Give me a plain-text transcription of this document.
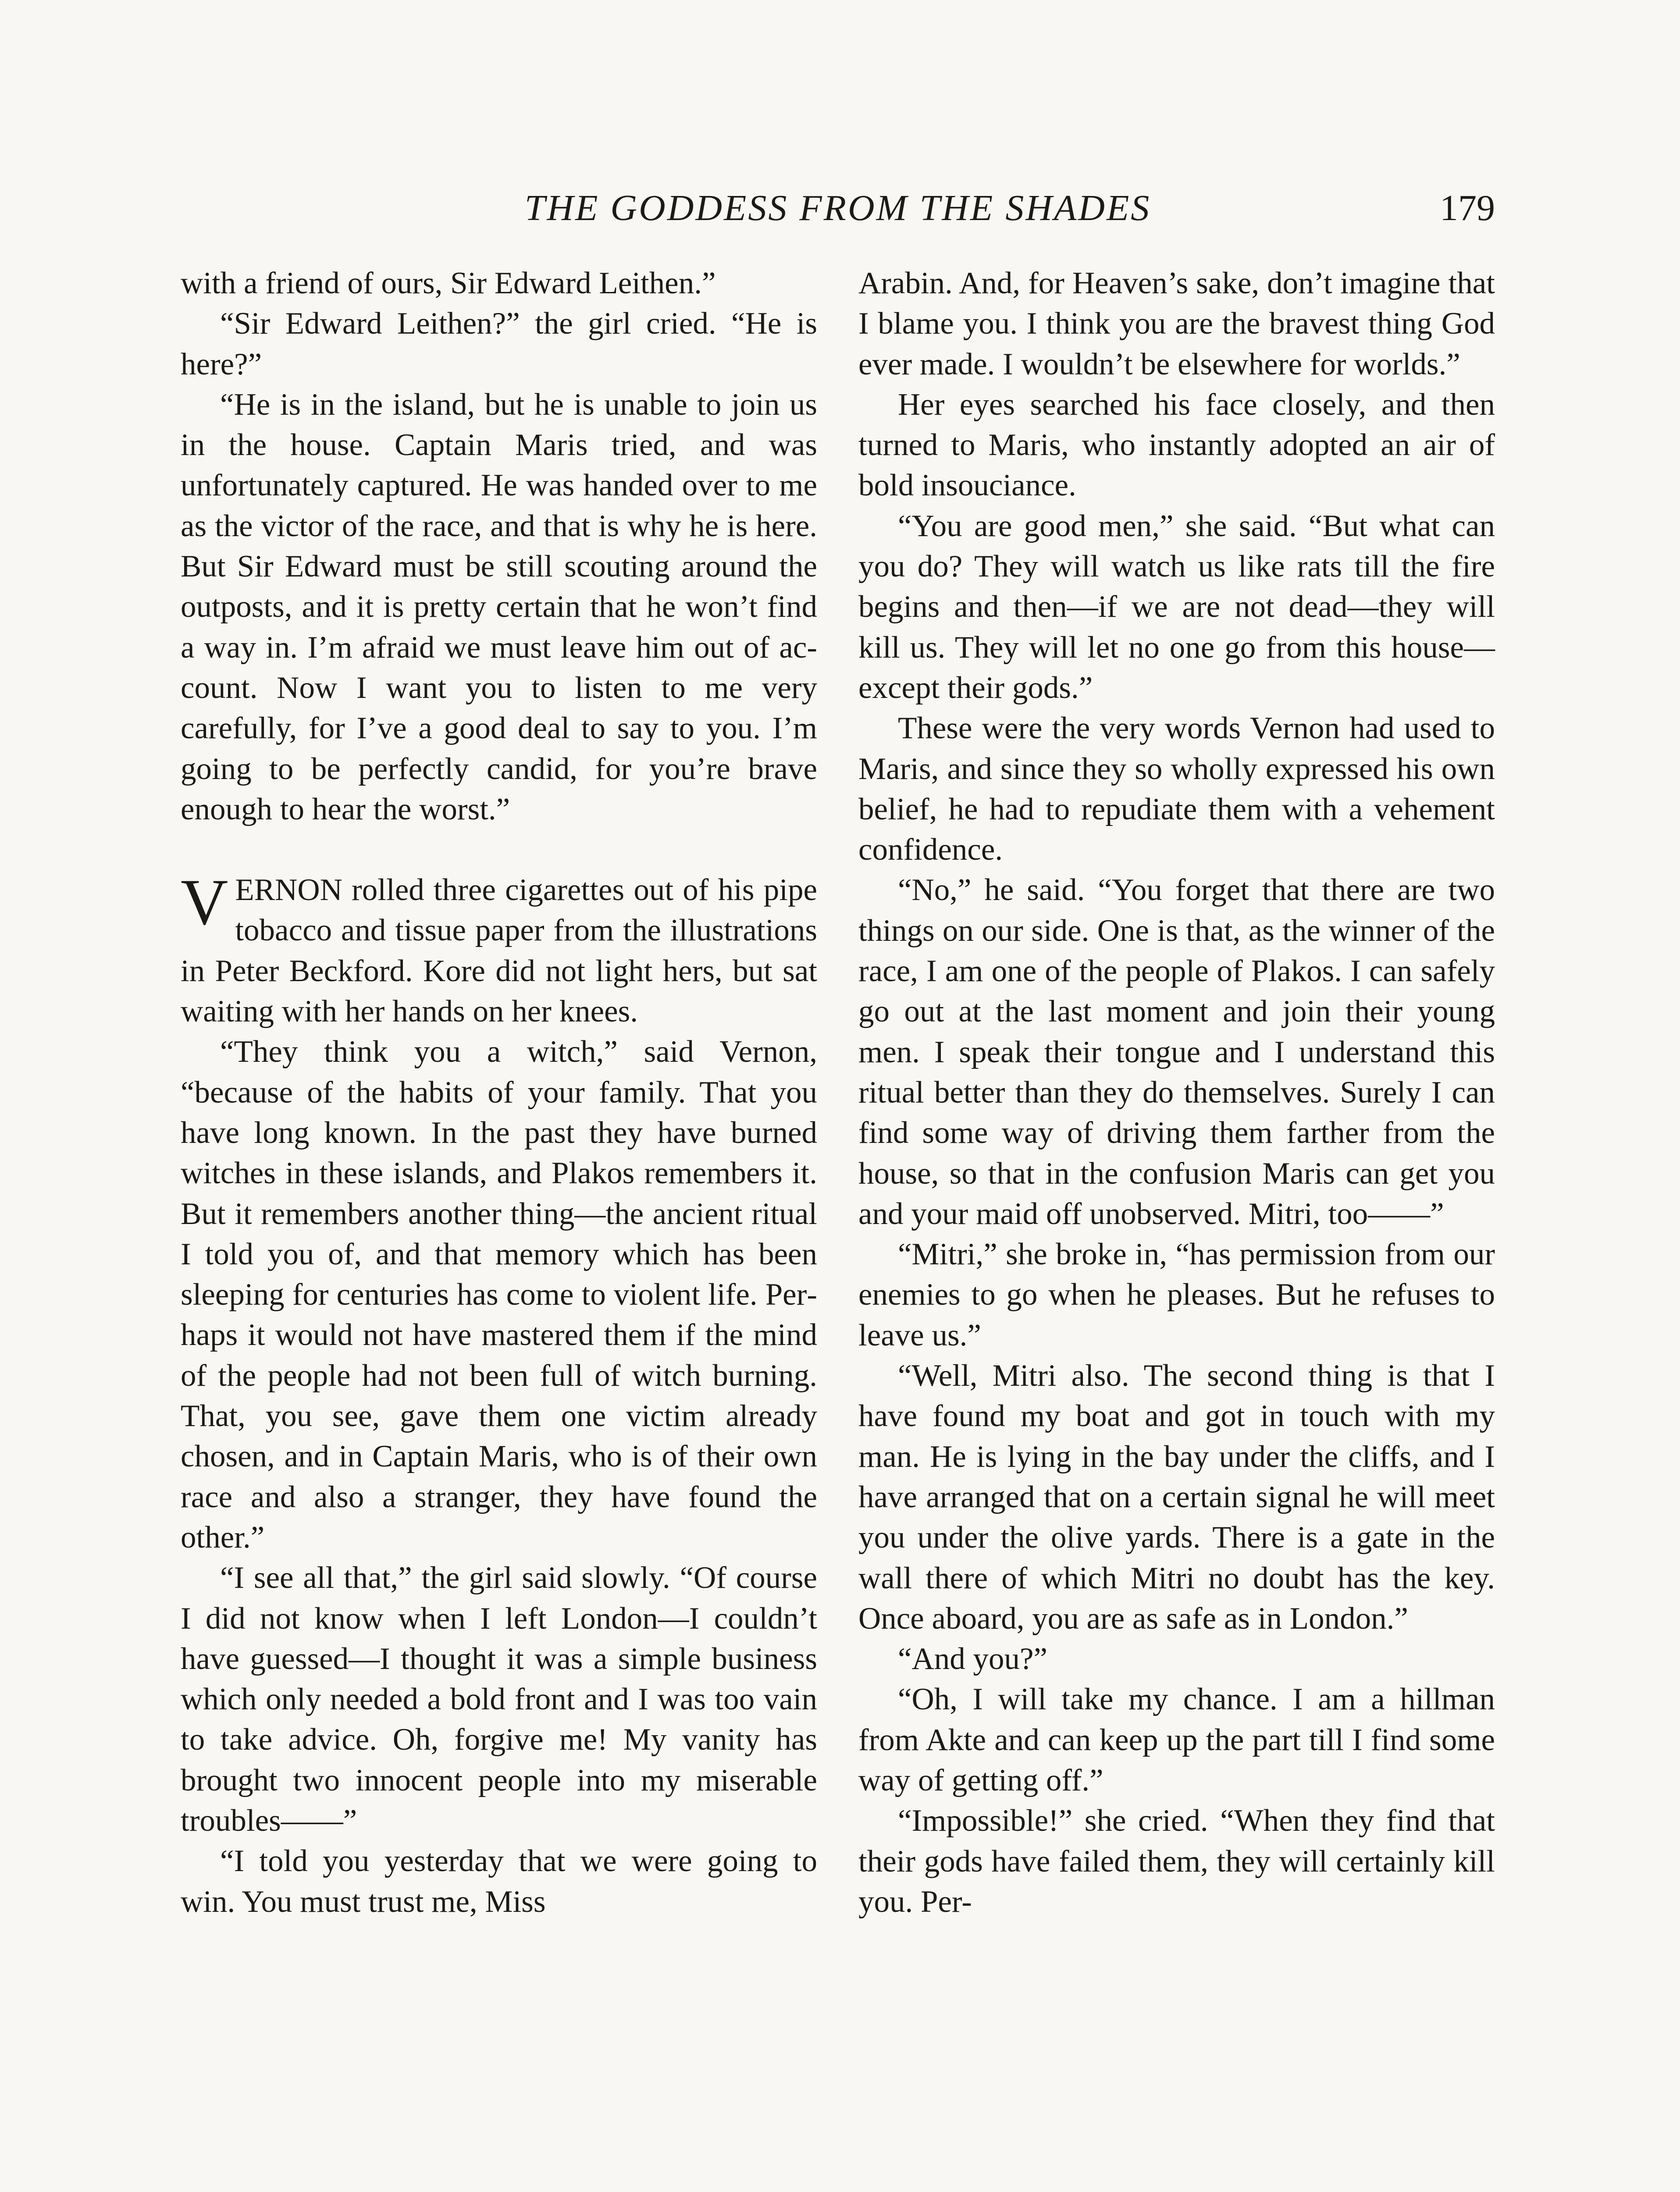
THE GODDESS FROM THE SHADES	179

with a friend of ours, Sir Edward Leithen.”

“Sir Edward Leithen?” the girl cried. “He is here?”

“He is in the island, but he is unable to join us in the house. Captain Maris tried, and was unfortunately captured. He was handed over to me as the victor of the race, and that is why he is here. But Sir Edward must be still scouting around the outposts, and it is pretty certain that he won’t find a way in. I’m afraid we must leave him out of account. Now I want you to listen to me very carefully, for I’ve a good deal to say to you. I’m going to be perfectly candid, for you’re brave enough to hear the worst.”

VERNON rolled three cigarettes out of his pipe tobacco and tissue paper from the illustrations in Peter Beckford. Kore did not light hers, but sat waiting with her hands on her knees.

“They think you a witch,” said Vernon, “because of the habits of your family. That you have long known. In the past they have burned witches in these islands, and Plakos remembers it. But it remembers another thing—the ancient ritual I told you of, and that memory which has been sleeping for centuries has come to violent life. Perhaps it would not have mastered them if the mind of the people had not been full of witch burning. That, you see, gave them one victim already chosen, and in Captain Maris, who is of their own race and also a stranger, they have found the other.”

“I see all that,” the girl said slowly. “Of course I did not know when I left London—I couldn’t have guessed—I thought it was a simple business which only needed a bold front and I was too vain to take advice. Oh, forgive me! My vanity has brought two innocent people into my miserable troubles——”

“I told you yesterday that we were going to win. You must trust me, Miss

Arabin. And, for Heaven’s sake, don’t imagine that I blame you. I think you are the bravest thing God ever made. I wouldn’t be elsewhere for worlds.”

Her eyes searched his face closely, and then turned to Maris, who instantly adopted an air of bold insouciance.

“You are good men,” she said. “But what can you do? They will watch us like rats till the fire begins and then—if we are not dead—they will kill us. They will let no one go from this house—except their gods.”

These were the very words Vernon had used to Maris, and since they so wholly expressed his own belief, he had to repudiate them with a vehement confidence.

“No,” he said. “You forget that there are two things on our side. One is that, as the winner of the race, I am one of the people of Plakos. I can safely go out at the last moment and join their young men. I speak their tongue and I understand this ritual better than they do themselves. Surely I can find some way of driving them farther from the house, so that in the confusion Maris can get you and your maid off unobserved. Mitri, too——”

“Mitri,” she broke in, “has permission from our enemies to go when he pleases. But he refuses to leave us.”

“Well, Mitri also. The second thing is that I have found my boat and got in touch with my man. He is lying in the bay under the cliffs, and I have arranged that on a certain signal he will meet you under the olive yards. There is a gate in the wall there of which Mitri no doubt has the key. Once aboard, you are as safe as in London.”

“And you?”

“Oh, I will take my chance. I am a hillman from Akte and can keep up the part till I find some way of getting off.”

“Impossible!” she cried. “When they find that their gods have failed them, they will certainly kill you. Per-
